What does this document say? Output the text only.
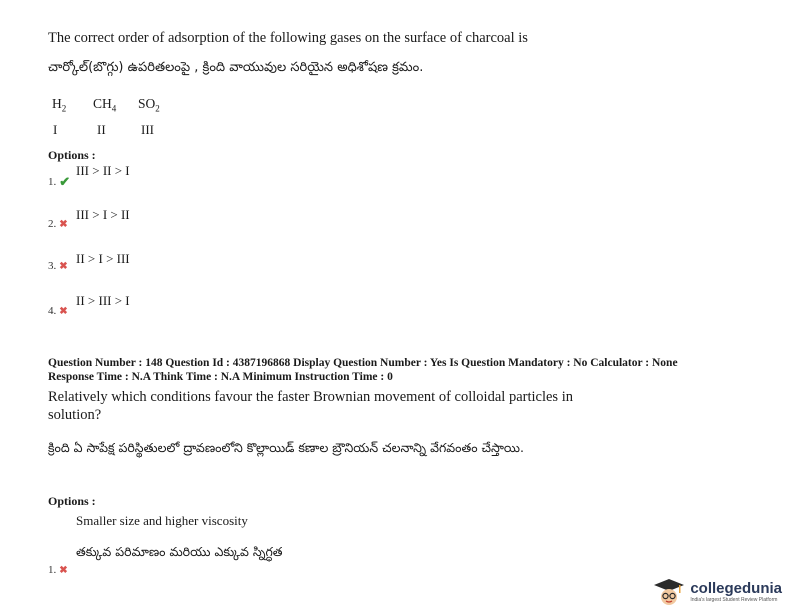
The correct order of adsorption of the following gases on the surface of charcoal is
చార్కోల్(బొగ్గు) ఉపరితలంపై , క్రింది వాయువుల సరియైన అధిశోషణ క్రమం.
$H_2$ $CH_4$ $SO_2$
I	II	III
Options :
III > II > I
1. ✔
III > I > II
2. ✖
II > I > III
3. ✖
II > III > I
4. ✖
Question Number : 148 Question Id : 4387196868 Display Question Number : Yes Is Question Mandatory : No Calculator : None
Response Time : N.A Think Time : N.A Minimum Instruction Time : 0
Relatively which conditions favour the faster Brownian movement of colloidal particles in solution?
క్రింది ఏ సాపేక్ష పరిస్థితులలో ద్రావణంలోని కొల్లాయిడ్ కణాల బ్రౌనియన్ చలనాన్ని వేగవంతం చేస్తాయి.
Options :
Smaller size and higher viscosity
తక్కువ పరిమాణం మరియు ఎక్కువ స్నిగ్ధత
1. ✖
collegedunia
India's largest Student Review Platform
